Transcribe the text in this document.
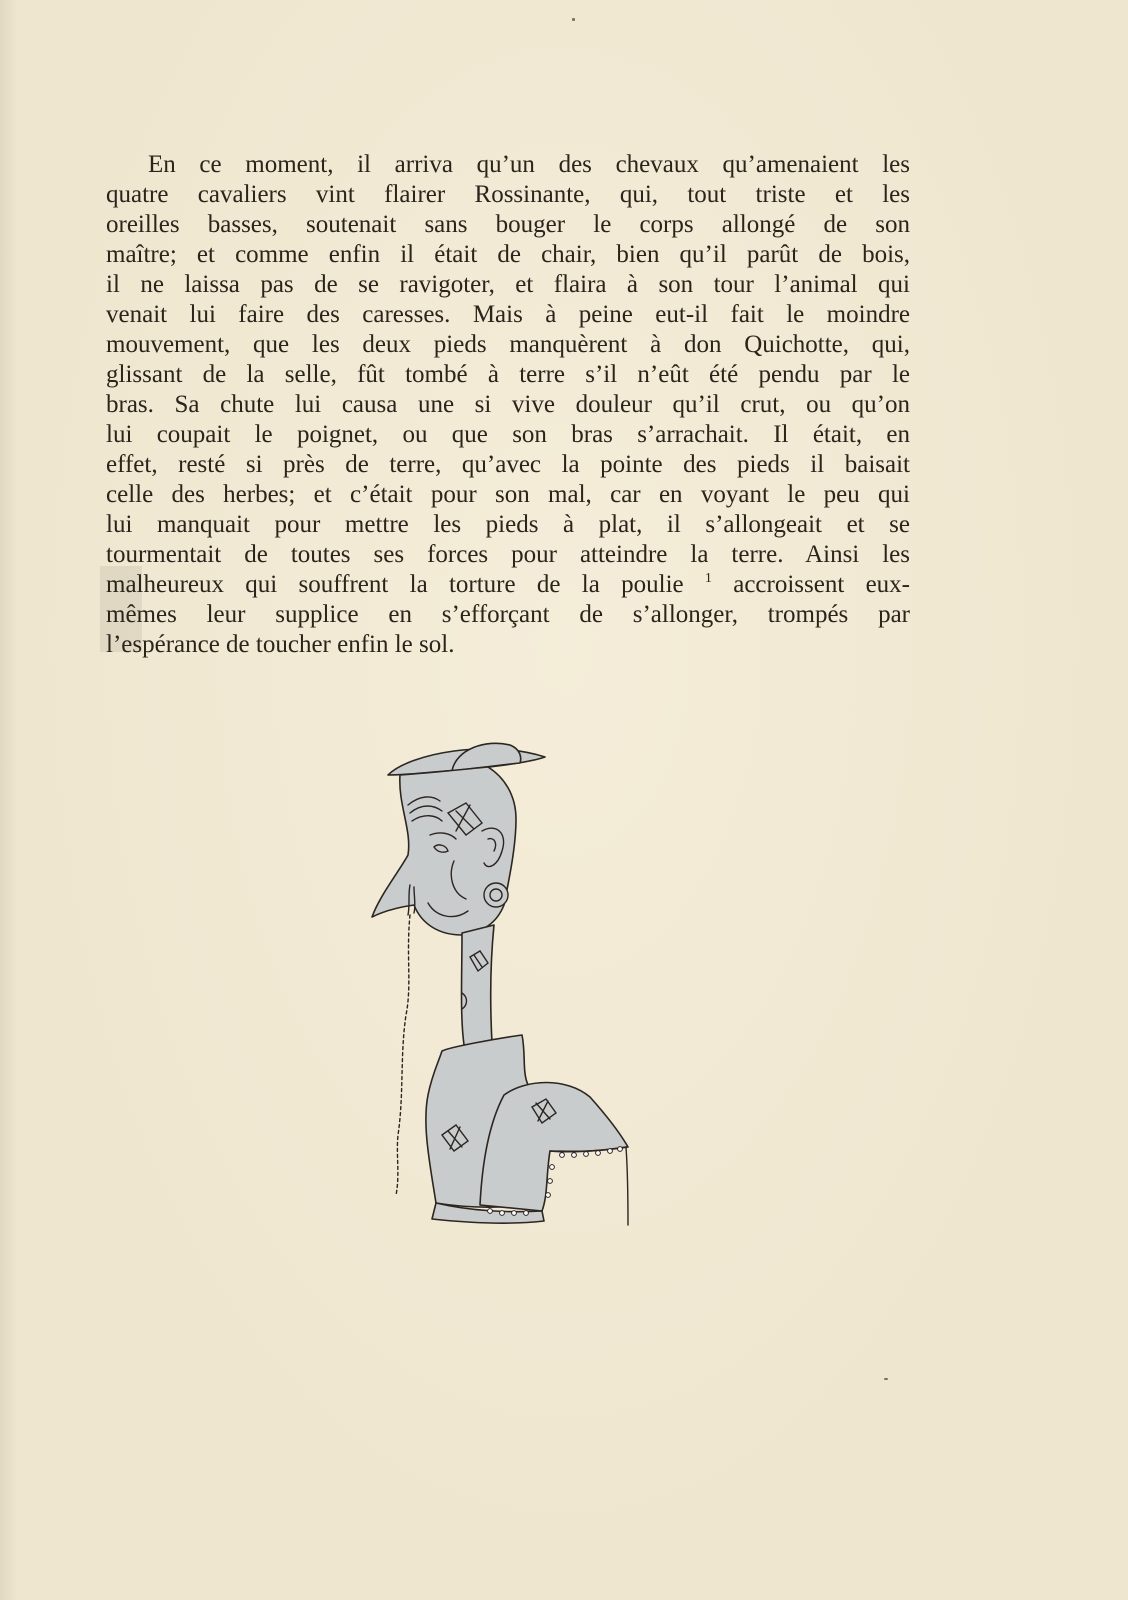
En ce moment, il arriva qu’un des chevaux qu’amenaient les
quatre cavaliers vint flairer Rossinante, qui, tout triste et les
oreilles basses, soutenait sans bouger le corps allongé de son
maître; et comme enfin il était de chair, bien qu’il parût de bois,
il ne laissa pas de se ravigoter, et flaira à son tour l’animal qui
venait lui faire des caresses. Mais à peine eut-il fait le moindre
mouvement, que les deux pieds manquèrent à don Quichotte, qui,
glissant de la selle, fût tombé à terre s’il n’eût été pendu par le
bras. Sa chute lui causa une si vive douleur qu’il crut, ou qu’on
lui coupait le poignet, ou que son bras s’arrachait. Il était, en
effet, resté si près de terre, qu’avec la pointe des pieds il baisait
celle des herbes; et c’était pour son mal, car en voyant le peu qui
lui manquait pour mettre les pieds à plat, il s’allongeait et se
tourmentait de toutes ses forces pour atteindre la terre. Ainsi les
malheureux qui souffrent la torture de la poulie $^1$ accroissent eux-
mêmes leur supplice en s’efforçant de s’allonger, trompés par
l’espérance de toucher enfin le sol.
